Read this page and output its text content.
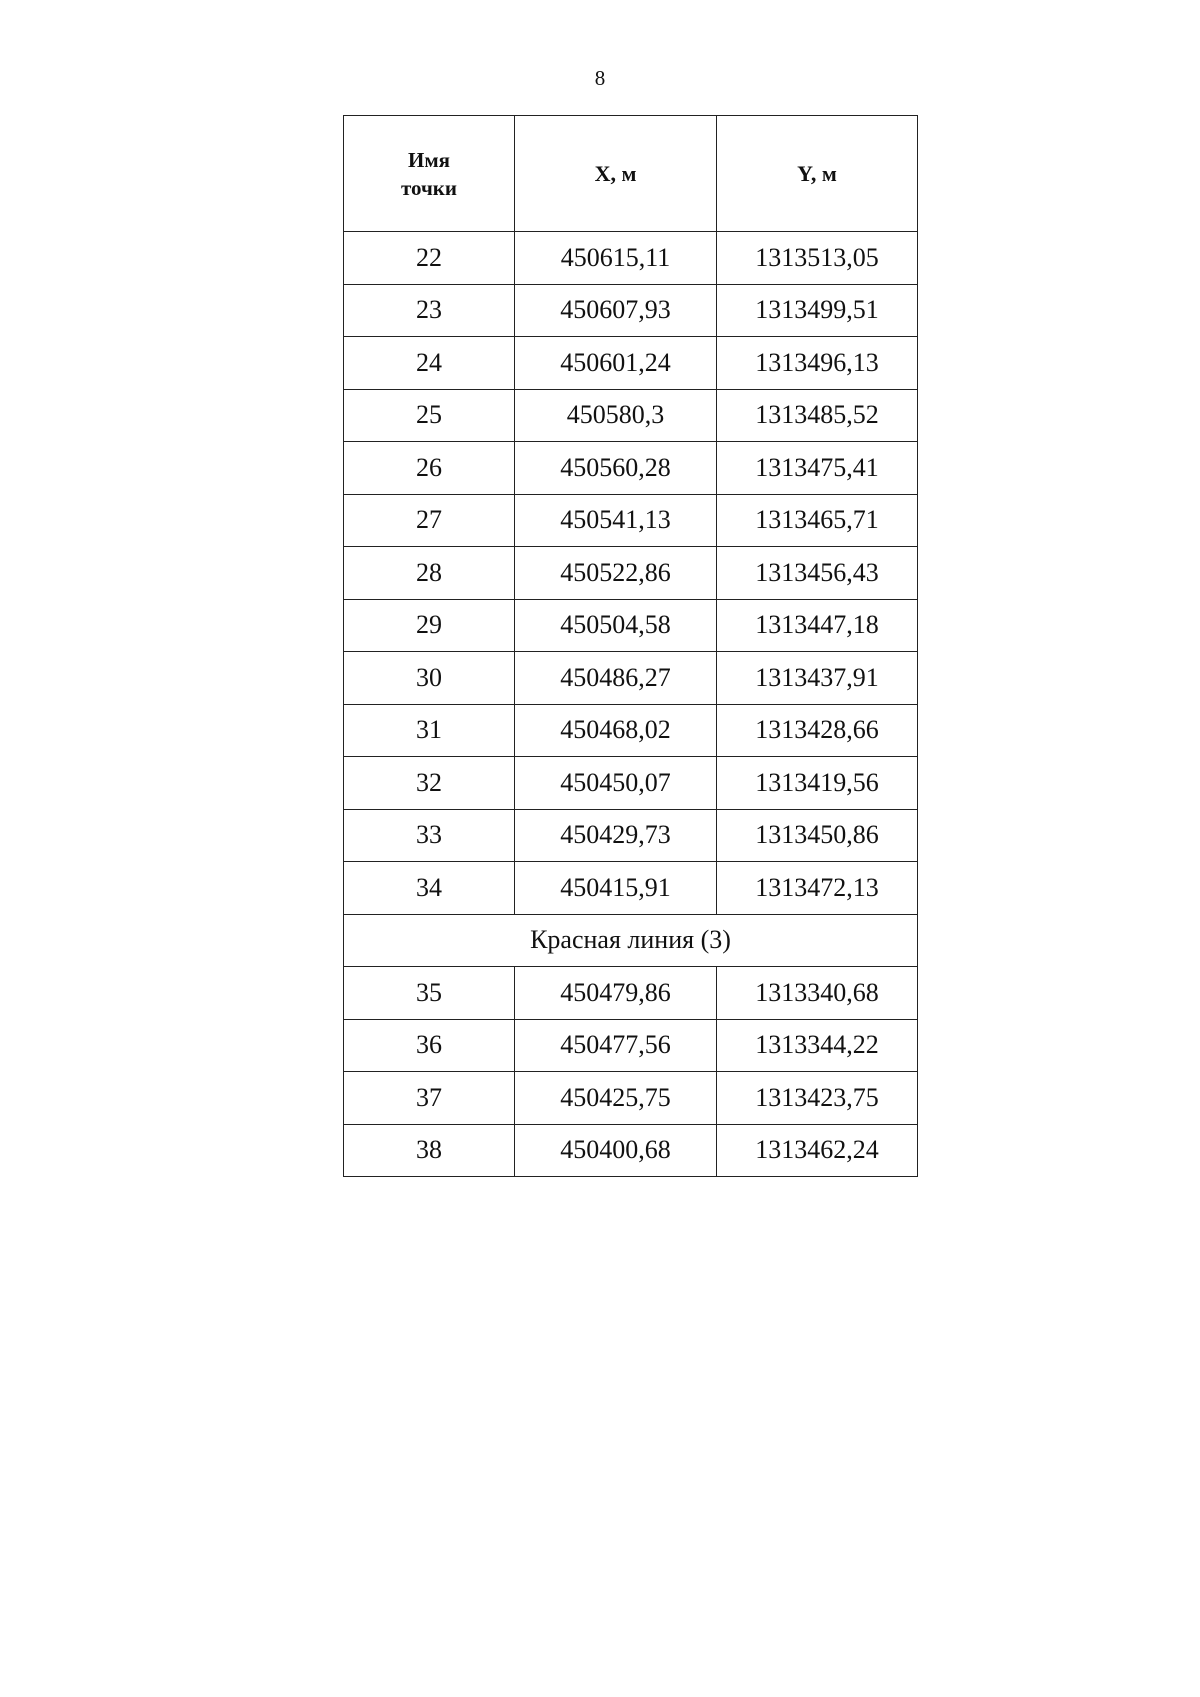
8
Имя точки	X, м	Y, м
22	450615,11	1313513,05
23	450607,93	1313499,51
24	450601,24	1313496,13
25	450580,3	1313485,52
26	450560,28	1313475,41
27	450541,13	1313465,71
28	450522,86	1313456,43
29	450504,58	1313447,18
30	450486,27	1313437,91
31	450468,02	1313428,66
32	450450,07	1313419,56
33	450429,73	1313450,86
34	450415,91	1313472,13
Красная линия (3)		
35	450479,86	1313340,68
36	450477,56	1313344,22
37	450425,75	1313423,75
38	450400,68	1313462,24
